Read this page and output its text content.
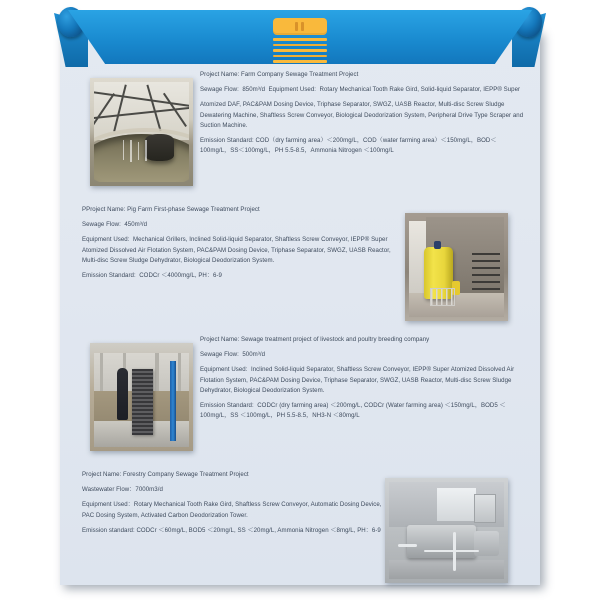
Project Name: Farm Company Sewage Treatment Project

Sewage Flow:  850m³/d  Equipment Used:  Rotary Mechanical Tooth Rake Gird, Solid-liquid Separator, IEPP® Super

Atomized DAF, PAC&PAM Dosing Device, Triphase Separator, SWGZ, UASB Reactor, Multi-disc Screw Sludge Dewatering Machine, Shaftless Screw Conveyor, Biological Deodorization System, Peripheral Drive Type Scraper and Suction Machine.

Emission Standard: COD（dry farming area）＜200mg/L，COD（water farming area）＜150mg/L，BOD＜100mg/L，SS＜100mg/L，PH 5.5-8.5，Ammonia Nitrogen ＜100mg/L

PProject Name: Pig Farm First-phase Sewage Treatment Project

Sewage Flow:  450m³/d

Equipment Used:  Mechanical Grillers, Inclined Solid-liquid Separator, Shaftless Screw Conveyor, IEPP® Super Atomized Dissolved Air Flotation System, PAC&PAM Dosing Device, Triphase Separator, SWGZ, UASB Reactor, Multi-disc Screw Sludge Dehydrator, Biological Deodorization System.

Emission Standard:  CODCr ＜4000mg/L, PH：6-9

Project Name: Sewage treatment project of livestock and poultry breeding company

Sewage Flow:  500m³/d

Equipment Used:  Inclined Solid-liquid Separator, Shaftless Screw Conveyor, IEPP® Super Atomized Dissolved Air Flotation System, PAC&PAM Dosing Device, Triphase Separator, SWGZ, UASB Reactor, Multi-disc Screw Sludge Dehydrator, Biological Deodorization System.

Emission Standard:  CODCr (dry farming area) ＜200mg/L, CODCr (Water farming area) ＜150mg/L，BOD5 ＜100mg/L，SS ＜100mg/L，PH 5.5-8.5，NH3-N ＜80mg/L

Project Name: Forestry Company Sewage Treatment Project

Wastewater Flow：7000m3/d

Equipment Used：Rotary Mechanical Tooth Rake Gird, Shaftless Screw Conveyor, Automatic Dosing Device, PAC Dosing System, Activated Carbon Deodorization Tower.

Emission standard: CODCr ＜60mg/L, BOD5 ＜20mg/L, SS ＜20mg/L, Ammonia Nitrogen ＜8mg/L, PH：6-9
